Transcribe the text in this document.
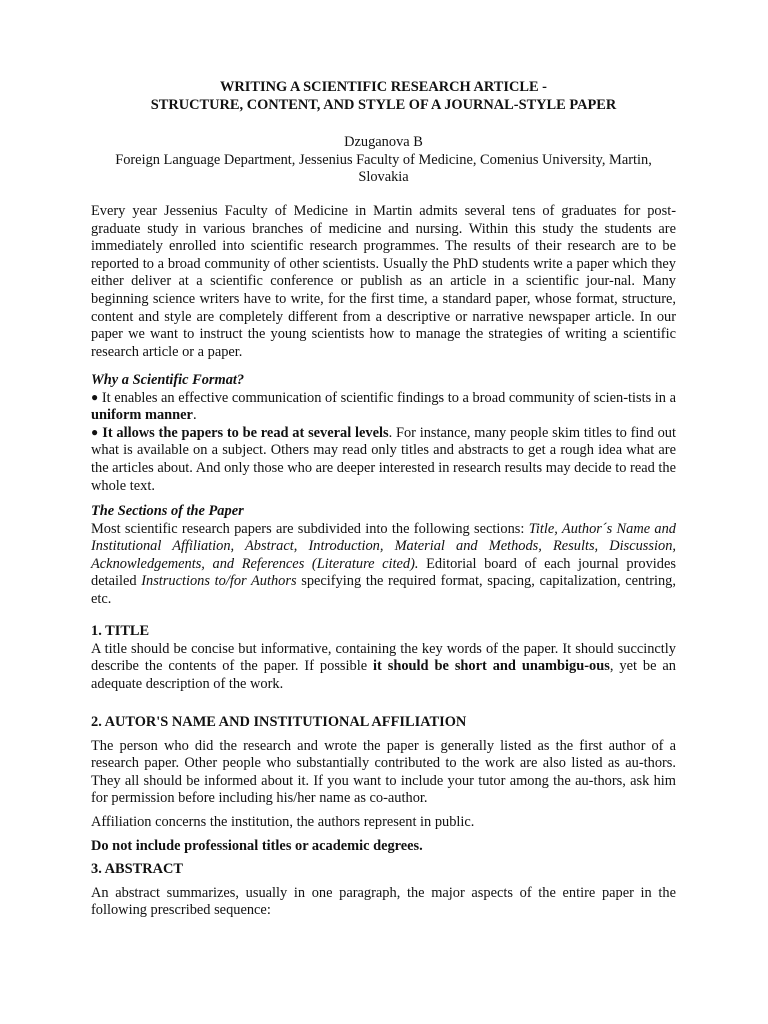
WRITING A SCIENTIFIC RESEARCH ARTICLE -
STRUCTURE, CONTENT, AND STYLE OF A JOURNAL-STYLE PAPER

Dzuganova B

Foreign Language Department, Jessenius Faculty of Medicine, Comenius University, Martin, Slovakia

Every year Jessenius Faculty of Medicine in Martin admits several tens of graduates for post-graduate study in various branches of medicine and nursing. Within this study the students are immediately enrolled into scientific research programmes. The results of their research are to be reported to a broad community of other scientists. Usually the PhD students write a paper which they either deliver at a scientific conference or publish as an article in a scientific jour-nal. Many beginning science writers have to write, for the first time, a standard paper, whose format, structure, content and style are completely different from a descriptive or narrative newspaper article. In our paper we want to instruct the young scientists how to manage the strategies of writing a scientific research article or a paper.

Why a Scientific Format?

● It enables an effective communication of scientific findings to a broad community of scien-tists in a uniform manner.

● It allows the papers to be read at several levels. For instance, many people skim titles to find out what is available on a subject. Others may read only titles and abstracts to get a rough idea what are the articles about. And only those who are deeper interested in research results may decide to read the whole text.

The Sections of the Paper

Most scientific research papers are subdivided into the following sections: Title, Author´s Name and Institutional Affiliation, Abstract, Introduction, Material and Methods, Results, Discussion, Acknowledgements, and References (Literature cited). Editorial board of each journal provides detailed Instructions to/for Authors specifying the required format, spacing, capitalization, centring, etc.

1. TITLE

A title should be concise but informative, containing the key words of the paper. It should succinctly describe the contents of the paper. If possible it should be short and unambigu-ous, yet be an adequate description of the work.

2. AUTOR'S NAME AND INSTITUTIONAL AFFILIATION

The person who did the research and wrote the paper is generally listed as the first author of a research paper. Other people who substantially contributed to the work are also listed as au-thors. They all should be informed about it. If you want to include your tutor among the au-thors, ask him for permission before including his/her name as co-author.

Affiliation concerns the institution, the authors represent in public.

Do not include professional titles or academic degrees.

3. ABSTRACT

An abstract summarizes, usually in one paragraph, the major aspects of the entire paper in the following prescribed sequence:
